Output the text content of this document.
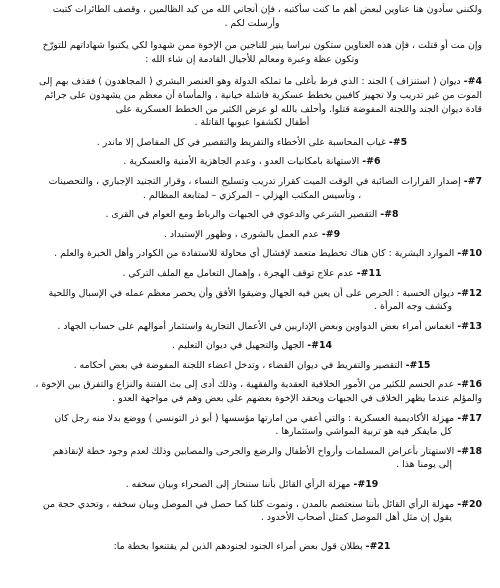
ولكنني سأدون هنا عناوين لبعض أهم ما كنت سأكتبه ، فإن أنجاني الله من كيد الظالمين ، وقصف الطائرات كتبت
وأرسلت لكم .

وإن مت أو قتلت ، فإن هذه العناوين ستكون نبراسا ينير للناجين من الإخوة ممن شهدوا لكي يكتبوا شهاداتهم للتورّخ
وتكون عظة وعبرة ومعالم للأجيال القادمة إن شاء الله :

#4- ديوان ( استنزاف ) الجند : الذي فرط بأغلى ما تملكه الدولة وهو العنصر البشري ( المجاهدون ) فقذف بهم إلى
الموت من غير تدريب ولا تجهيز كافيين بخطط عسكرية فاشلة خيانية ، والمأساة أن معظم من يشهدون على جرائم
قادة ديوان الجند واللجنة المفوضة قتلوا. وأحلف بالله لو عرض الكثير من الخطط العسكرية على
أطفال لكشفوا عيوبها القاتلة .

#5- غياب المحاسبة على الأخطاء والتفريط والتقصير في كل المفاصل إلا ماندر .

#6- الاستهانة بامكانيات العدو ، وعدم الجاهزية الأمنية والعسكرية .

#7- إصدار القرارات الصائبة في الوقت الميت كقرار تدريب وتسليح النساء ، وقرار التجنيد الإجباري ، والتحصينات
، وتأسيس المكتب الهزلي – المركزي – لمتابعة المظالم .

#8- التقصير الشرعي والدعوي في الجبهات والرباط ومع العوام في القرى .

#9- عدم العمل بالشورى ، وظهور الإستبداد .

#10- الموارد البشرية : كان هناك تخطيط متعمد لإفشال أي محاولة للاستفادة من الكوادر وأهل الخبرة والعلم .

#11- عدم علاج توقف الهجرة ، وإهمال التعامل مع الملف التركي .

#12- ديوان الحسبة : الحرص على أن يعين فيه الجهال وضيقوا الأفق وأن يحصر معظم عمله في الإسبال واللحية
وكشف وجه المرأة .

#13- انغماس أمراء بعض الدواوين وبعض الإداريين في الأعمال التجارية واستثمار أموالهم على حساب الجهاد .

#14- الجهل والتجهيل في ديوان التعليم .

#15- التقصير والتفريط في ديوان القضاء ، وتدخل اعضاء اللجنة المفوضة في بعض أحكامه .

#16- عدم الحسم للكثير من الأمور الخلافية العقدية والفقهية ، وذلك أدى إلى بث الفتنة والنزاع والتفرق بين الإخوة ،
والمؤلم عندما يظهر الخلاف في الجبهات ويحقد الإخوة بعضهم على بعض وهم في مواجهة العدو .

#17- مهزلة الأكاديمية العسكرية : والتي أعفي من امارتها مؤسسها ( أبو ذر التونسي ) ووضع بدلا منه رجل كان
كل مايفكر فيه هو تربية المواشي واستثمارها .

#18- الاستهتار بأعراض المسلمات وأرواح الأطفال والرضع والجرحى والمصابين وذلك لعدم وجود خطة لإنقاذهم
إلى يومنا هذا .

#19- مهزلة الرأي القائل بأننا سننحاز إلى الصحراء وبيان سخفه .

#20- مهزلة الرأي القائل بأننا سنعتصم بالمدن ، ونموت كلنا كما حصل في الموصل وبيان سخفه ، وتحدي حجة من
يقول إن مثل أهل الموصل كمثل أصحاب الأخدود .

#21- بطلان قول بعض أمراء الجنود لجنودهم الذين لم يقتنعوا بخطة ما:
